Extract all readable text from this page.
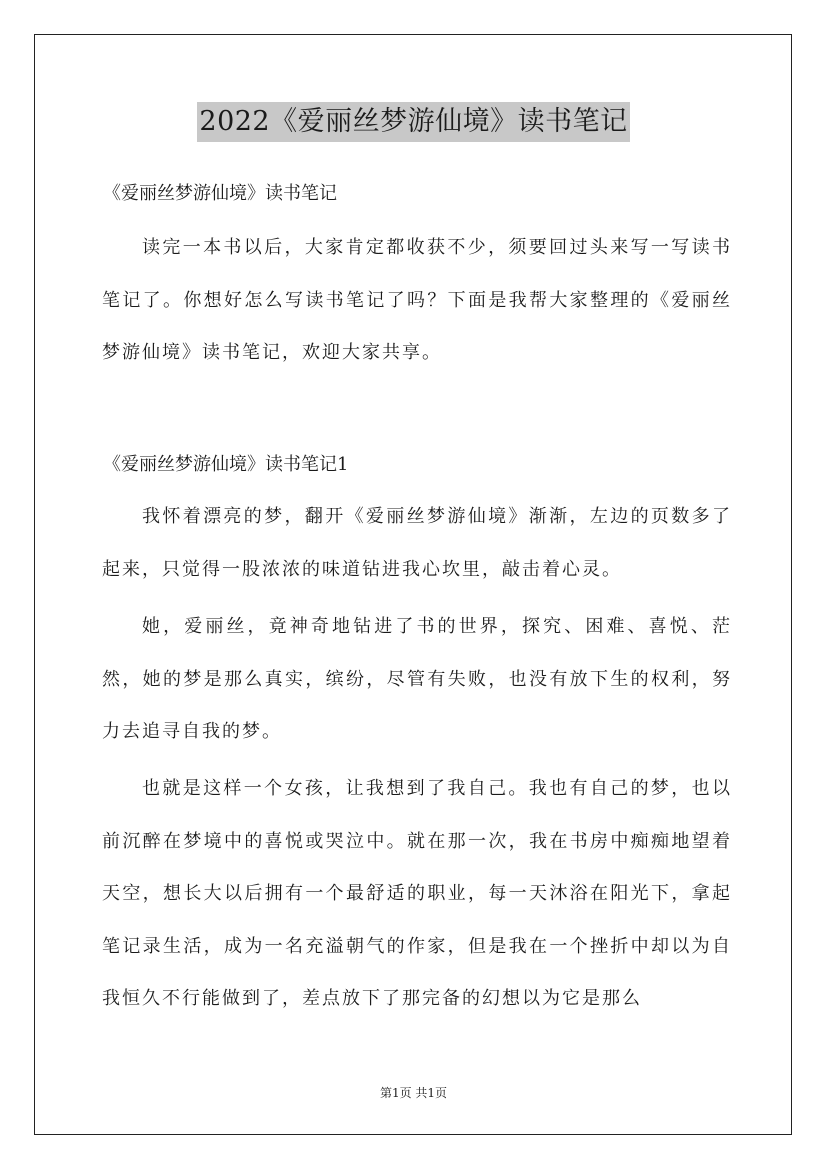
2022《爱丽丝梦游仙境》读书笔记

《爱丽丝梦游仙境》读书笔记

读完一本书以后，大家肯定都收获不少，须要回过头来写一写读书笔记了。你想好怎么写读书笔记了吗？下面是我帮大家整理的《爱丽丝梦游仙境》读书笔记，欢迎大家共享。

《爱丽丝梦游仙境》读书笔记1

我怀着漂亮的梦，翻开《爱丽丝梦游仙境》渐渐，左边的页数多了起来，只觉得一股浓浓的味道钻进我心坎里，敲击着心灵。

她，爱丽丝，竟神奇地钻进了书的世界，探究、困难、喜悦、茫然，她的梦是那么真实，缤纷，尽管有失败，也没有放下生的权利，努力去追寻自我的梦。

也就是这样一个女孩，让我想到了我自己。我也有自己的梦，也以前沉醉在梦境中的喜悦或哭泣中。就在那一次，我在书房中痴痴地望着天空，想长大以后拥有一个最舒适的职业，每一天沐浴在阳光下，拿起笔记录生活，成为一名充溢朝气的作家，但是我在一个挫折中却以为自我恒久不行能做到了，差点放下了那完备的幻想以为它是那么

第1页 共1页
